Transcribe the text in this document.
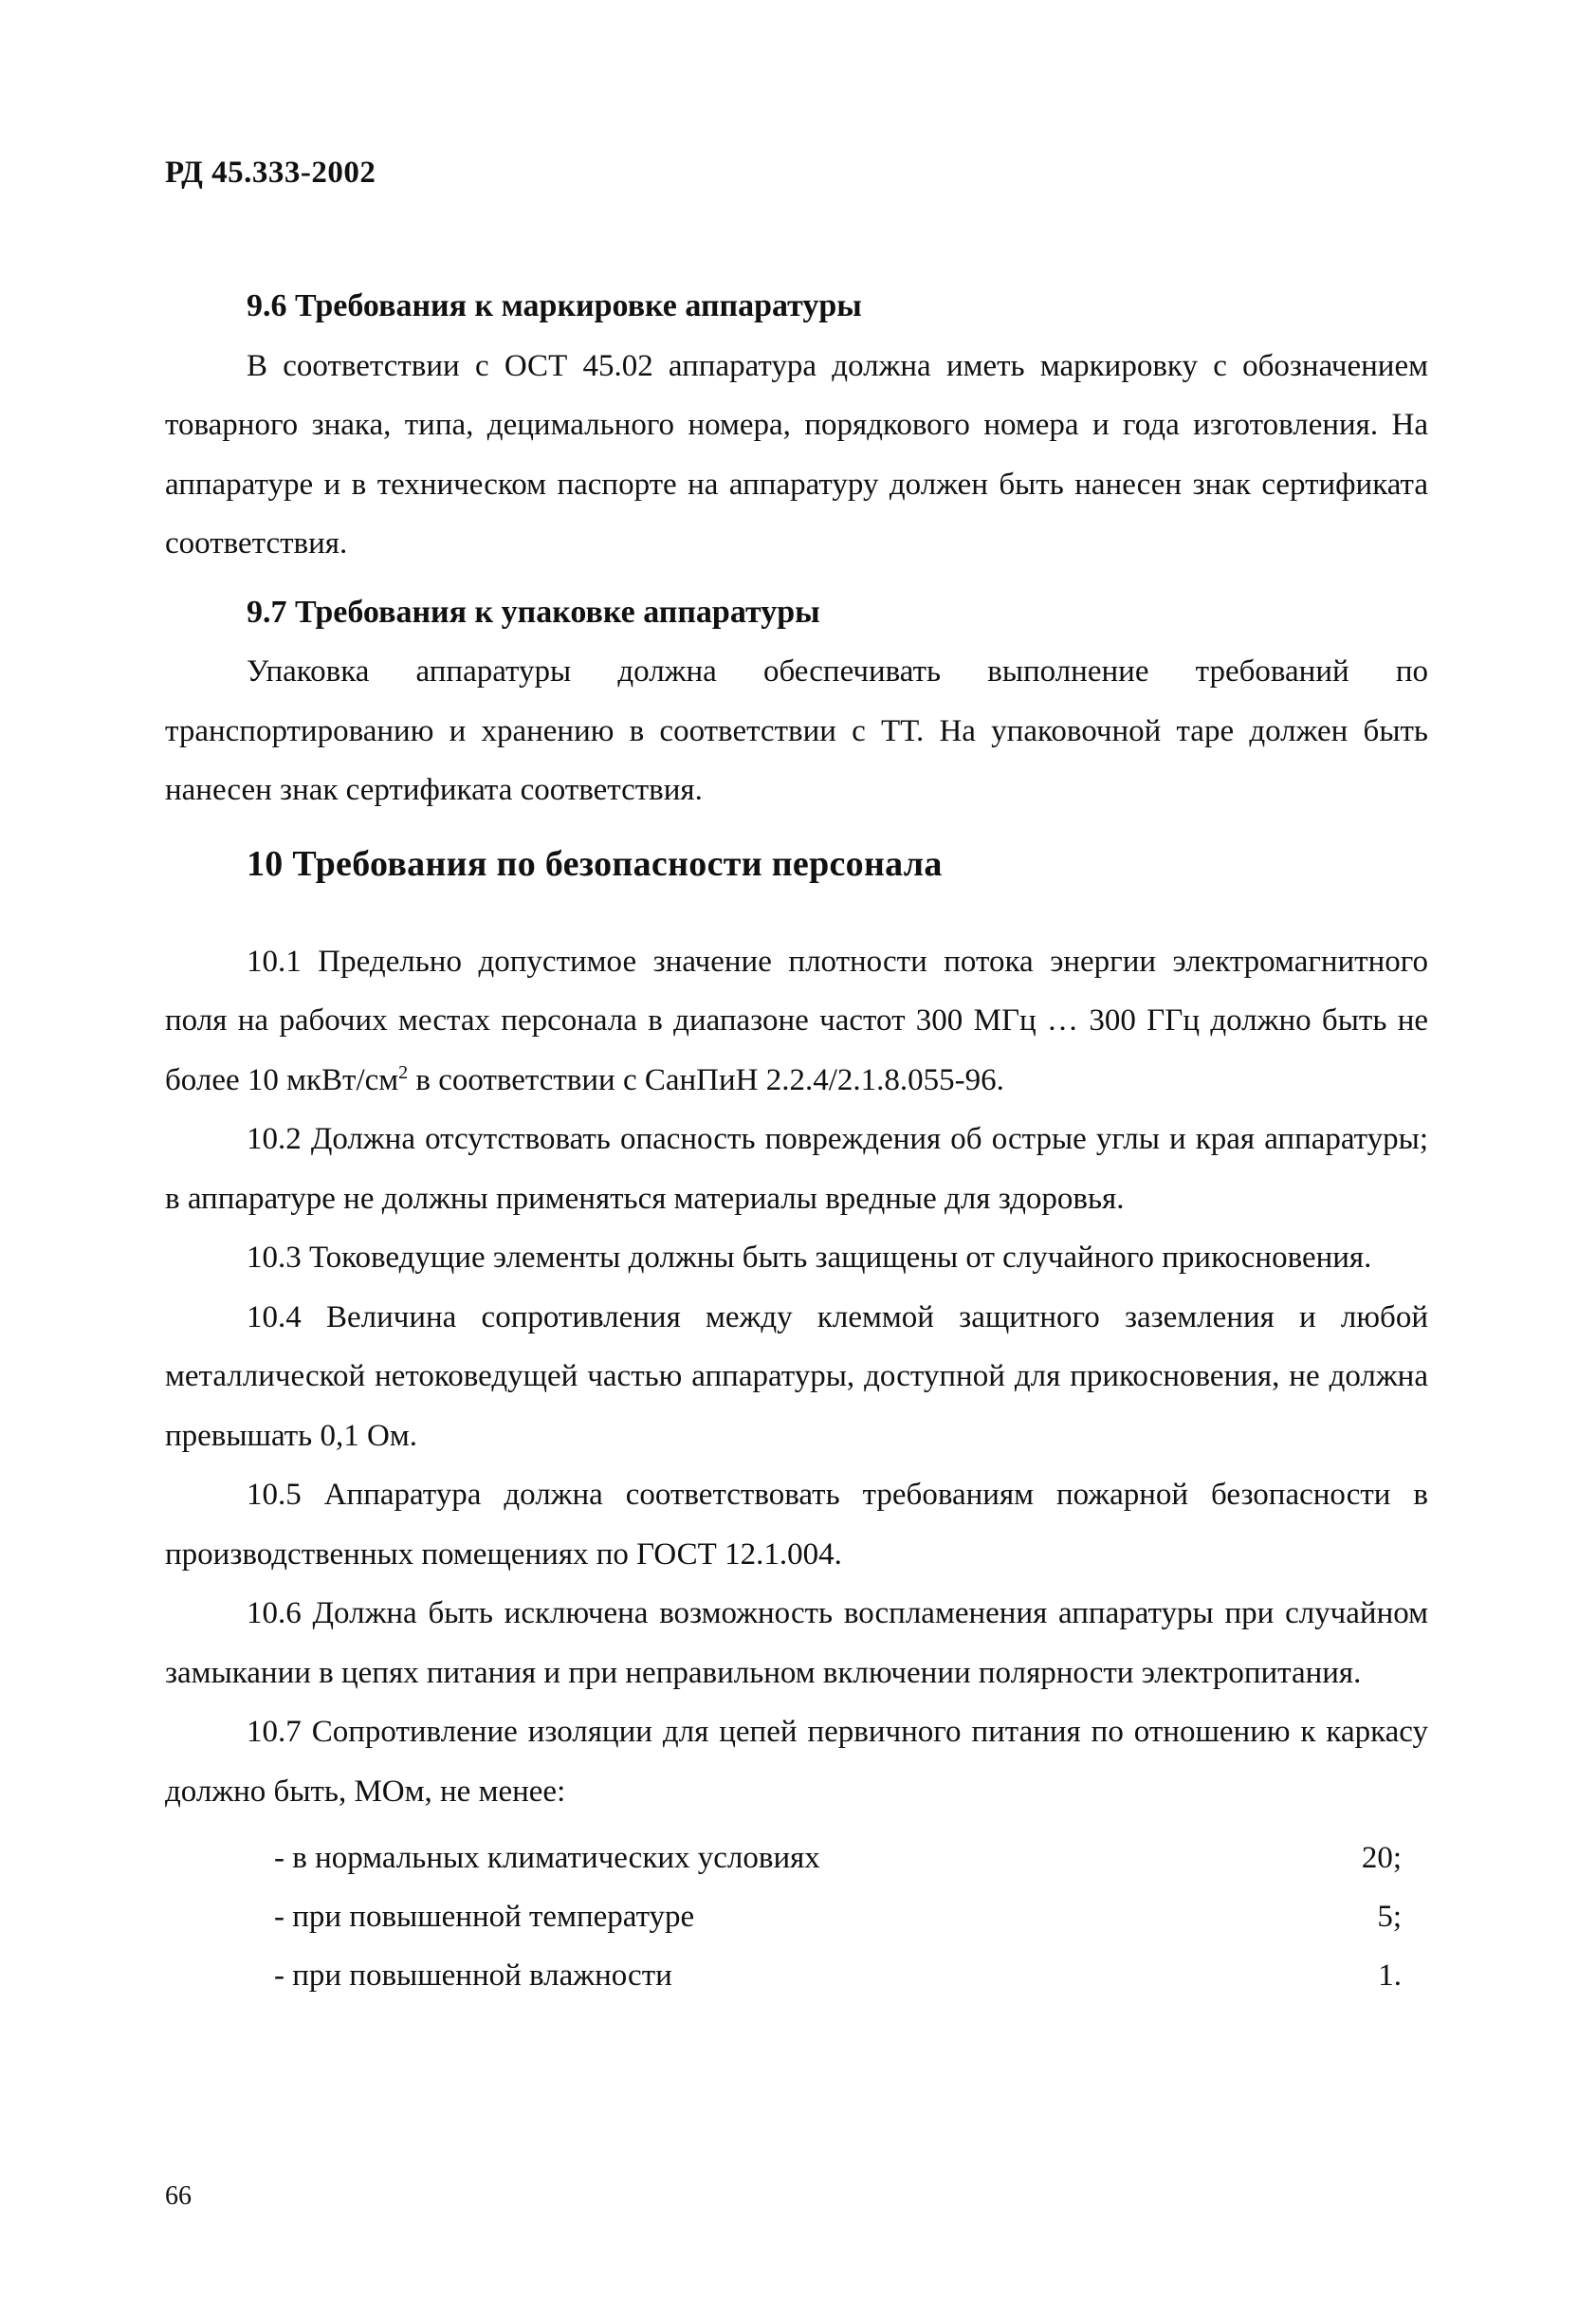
РД 45.333-2002
9.6 Требования к маркировке аппаратуры

В соответствии с ОСТ 45.02 аппаратура должна иметь маркировку с обозначением товарного знака, типа, децимального номера, порядкового номера и года изготовления. На аппаратуре и в техническом паспорте на аппаратуру должен быть нанесен знак сертификата соответствия.

9.7 Требования к упаковке аппаратуры

Упаковка аппаратуры должна обеспечивать выполнение требований по транспортированию и хранению в соответствии с ТТ. На упаковочной таре должен быть нанесен знак сертификата соответствия.

10 Требования по безопасности персонала

10.1 Предельно допустимое значение плотности потока энергии электромагнитного поля на рабочих местах персонала в диапазоне частот 300 МГц … 300 ГГц должно быть не более 10 мкВт/$см^2$ в соответствии с СанПиН 2.2.4/2.1.8.055-96.

10.2 Должна отсутствовать опасность повреждения об острые углы и края аппаратуры; в аппаратуре не должны применяться материалы вредные для здоровья.

10.3 Токоведущие элементы должны быть защищены от случайного прикосновения.

10.4 Величина сопротивления между клеммой защитного заземления и любой металлической нетоковедущей частью аппаратуры, доступной для прикосновения, не должна превышать 0,1 Ом.

10.5 Аппаратура должна соответствовать требованиям пожарной безопасности в производственных помещениях по ГОСТ 12.1.004.

10.6 Должна быть исключена возможность воспламенения аппаратуры при случайном замыкании в цепях питания и при неправильном включении полярности электропитания.

10.7 Сопротивление изоляции для цепей первичного питания по отношению к каркасу должно быть, МОм, не менее:

- в нормальных климатических условиях	20;
- при повышенной температуре	5;
- при повышенной влажности	1.
66
